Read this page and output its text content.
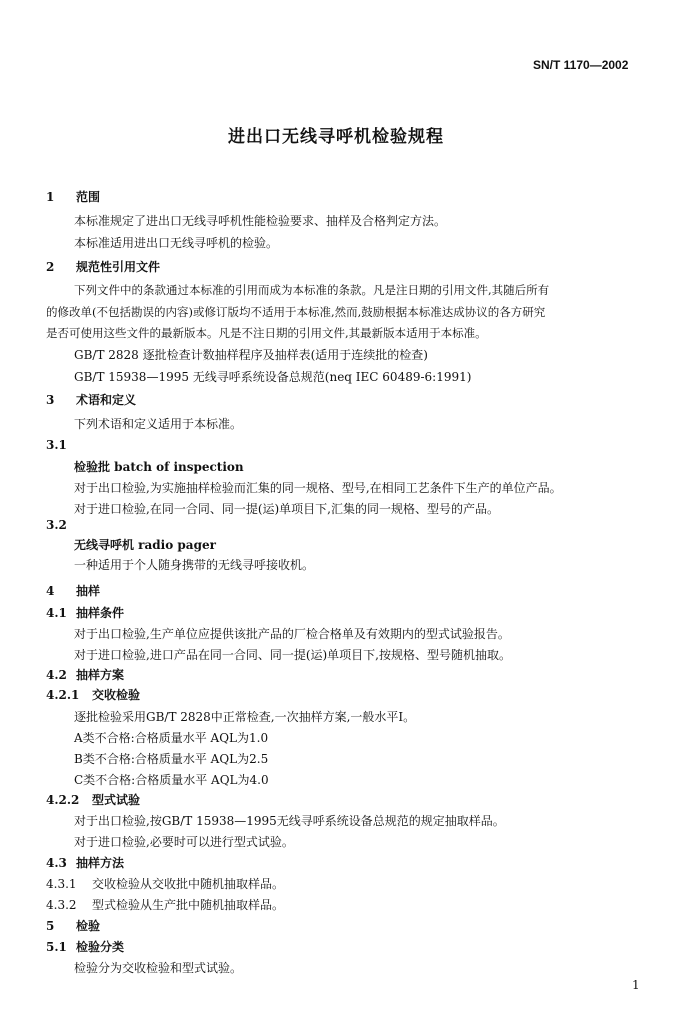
SN/T 1170—2002
进出口无线寻呼机检验规程
1 范围
本标准规定了进出口无线寻呼机性能检验要求、抽样及合格判定方法。
本标准适用进出口无线寻呼机的检验。
2 规范性引用文件
下列文件中的条款通过本标准的引用而成为本标准的条款。凡是注日期的引用文件,其随后所有
的修改单(不包括勘误的内容)或修订版均不适用于本标准,然而,鼓励根据本标准达成协议的各方研究
是否可使用这些文件的最新版本。凡是不注日期的引用文件,其最新版本适用于本标准。
GB/T 2828 逐批检查计数抽样程序及抽样表(适用于连续批的检查)
GB/T 15938—1995 无线寻呼系统设备总规范(neq IEC 60489-6:1991)
3 术语和定义
下列术语和定义适用于本标准。
3.1
检验批 batch of inspection
对于出口检验,为实施抽样检验而汇集的同一规格、型号,在相同工艺条件下生产的单位产品。
对于进口检验,在同一合同、同一提(运)单项目下,汇集的同一规格、型号的产品。
3.2
无线寻呼机 radio pager
一种适用于个人随身携带的无线寻呼接收机。
4 抽样
4.1 抽样条件
对于出口检验,生产单位应提供该批产品的厂检合格单及有效期内的型式试验报告。
对于进口检验,进口产品在同一合同、同一提(运)单项目下,按规格、型号随机抽取。
4.2 抽样方案
4.2.1 交收检验
逐批检验采用GB/T 2828中正常检查,一次抽样方案,一般水平Ⅰ。
A类不合格:合格质量水平 AQL为1.0
B类不合格:合格质量水平 AQL为2.5
C类不合格:合格质量水平 AQL为4.0
4.2.2 型式试验
对于出口检验,按GB/T 15938—1995无线寻呼系统设备总规范的规定抽取样品。
对于进口检验,必要时可以进行型式试验。
4.3 抽样方法
4.3.1 交收检验从交收批中随机抽取样品。
4.3.2 型式检验从生产批中随机抽取样品。
5 检验
5.1 检验分类
检验分为交收检验和型式试验。
1
